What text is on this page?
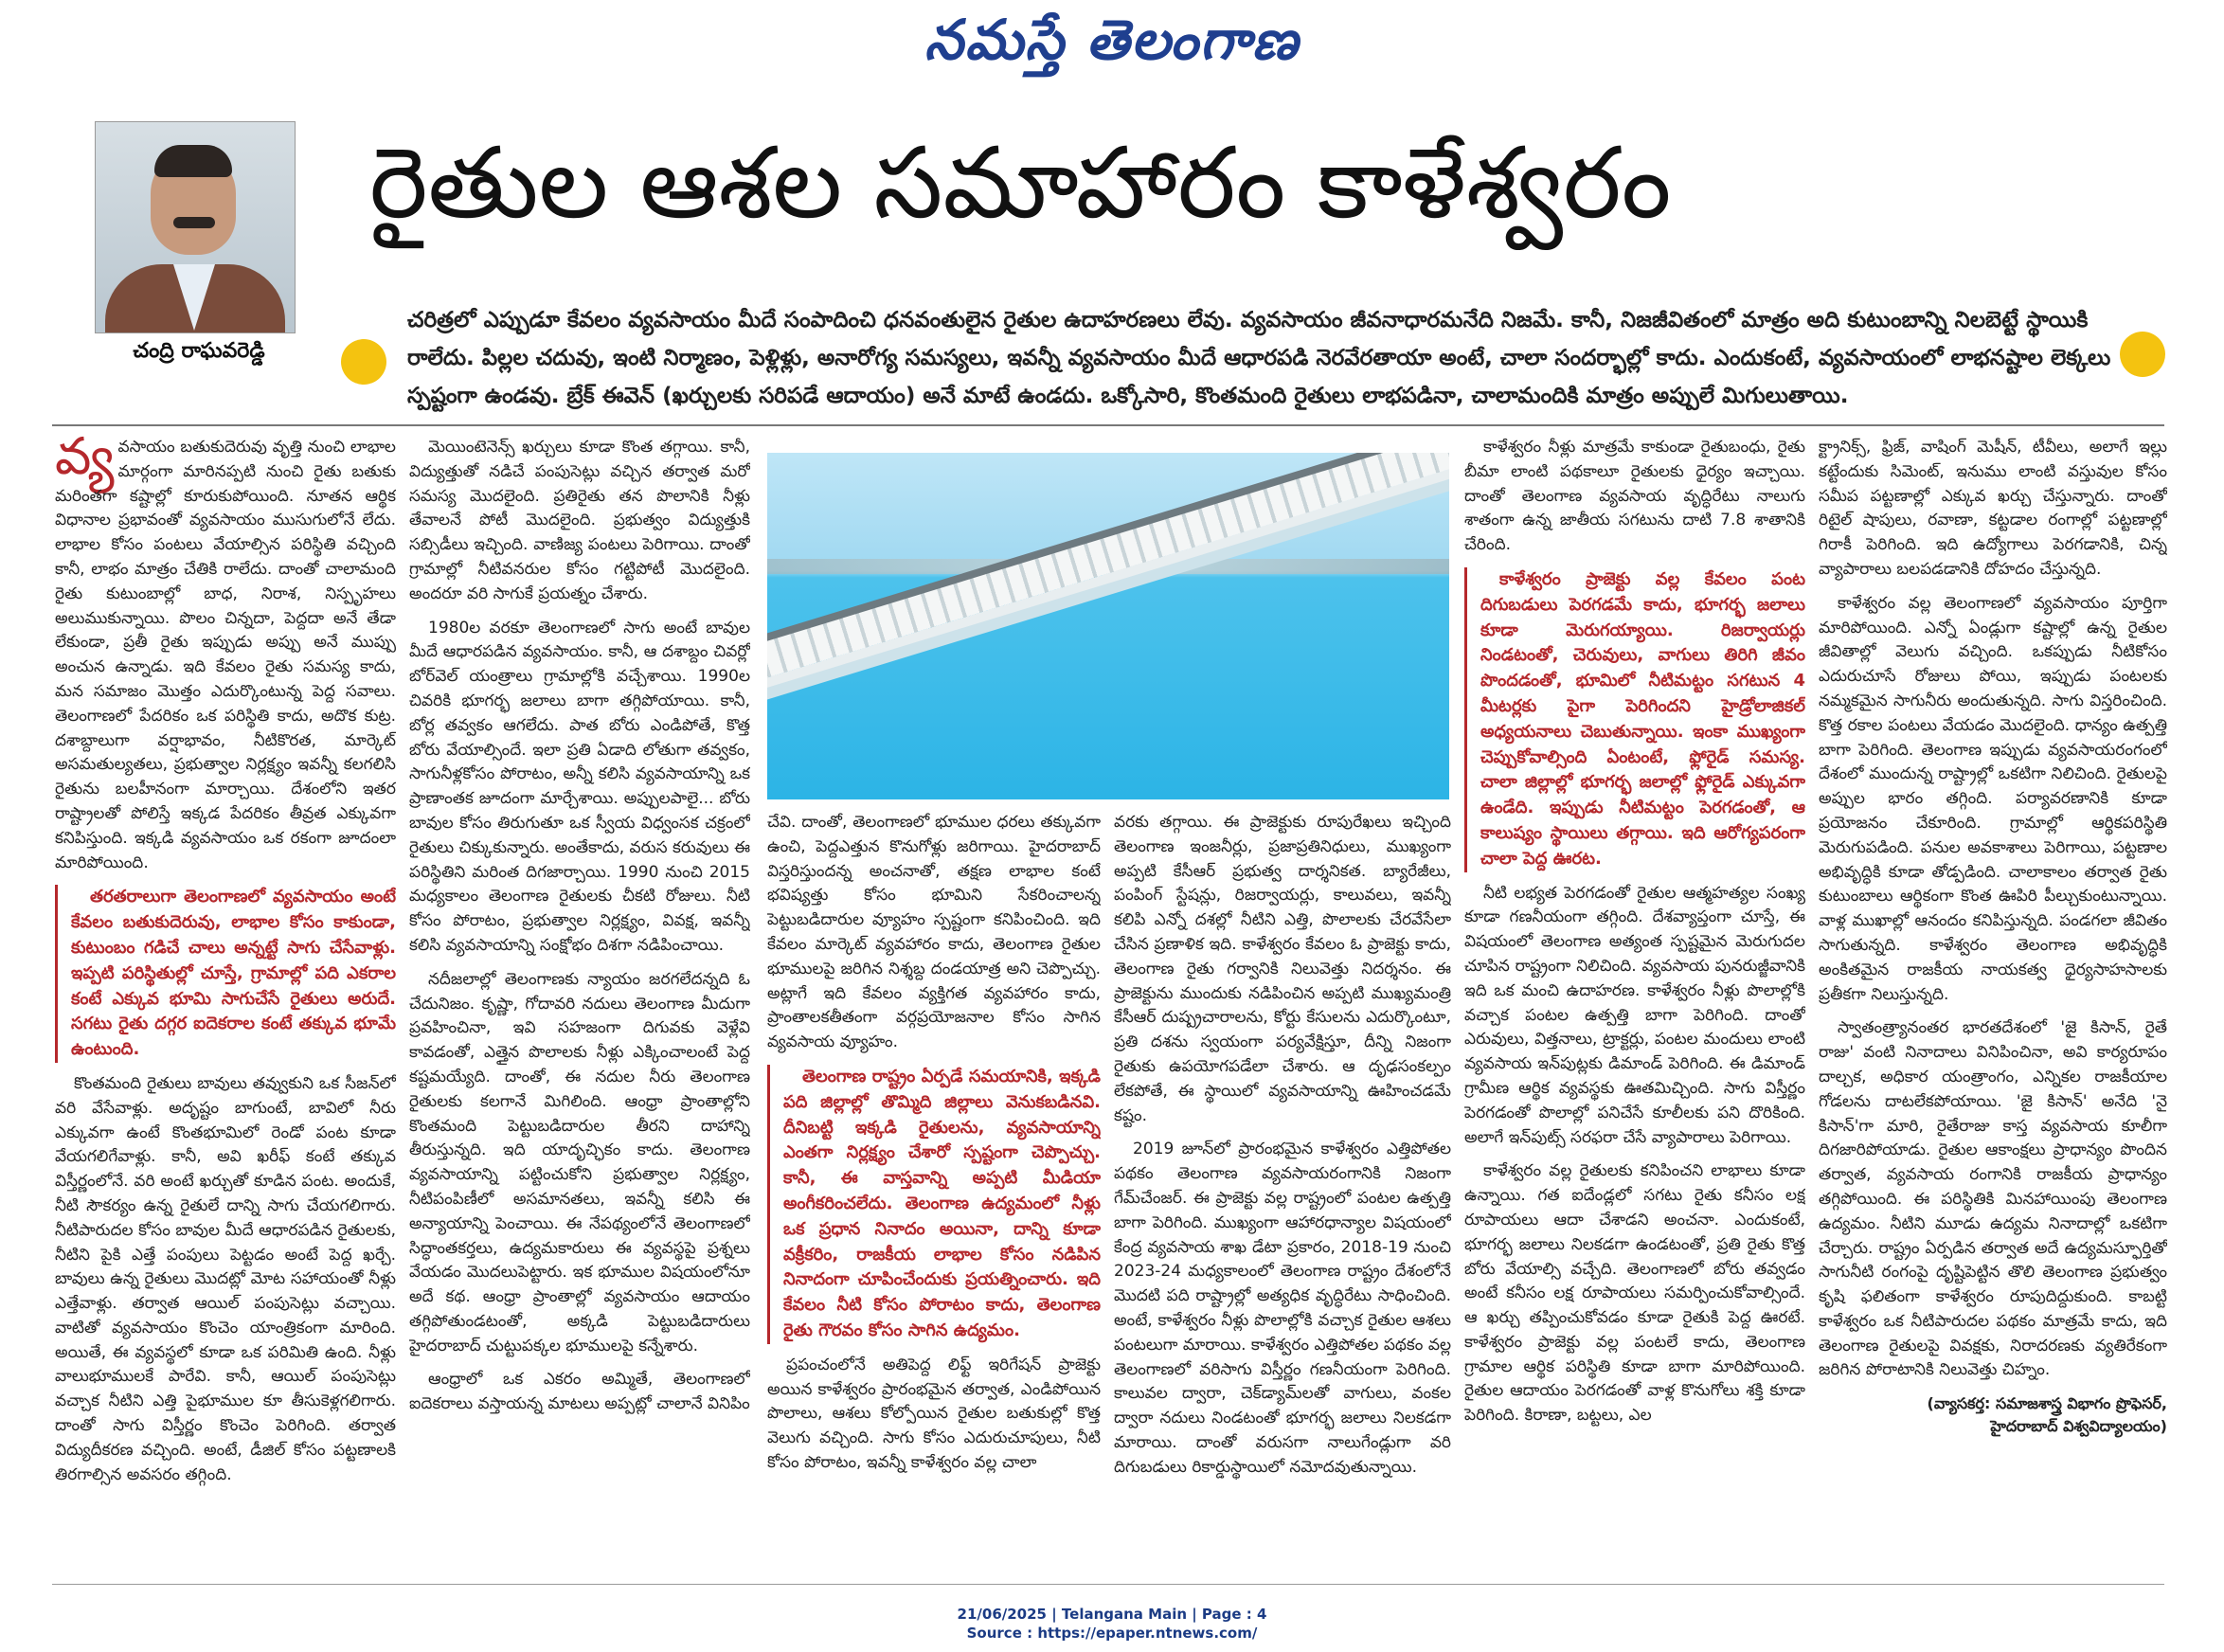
నమస్తే తెలంగాణ
చంద్రి రాఘవరెడ్డి
రైతుల ఆశల సమాహారం కాళేశ్వరం
చరిత్రలో ఎప్పుడూ కేవలం వ్యవసాయం మీదే సంపాదించి ధనవంతులైన రైతుల ఉదాహరణలు లేవు. వ్యవసాయం జీవనాధారమనేది నిజమే. కానీ, నిజజీవితంలో మాత్రం అది కుటుంబాన్ని నిలబెట్టే స్థాయికి రాలేదు. పిల్లల చదువు, ఇంటి నిర్మాణం, పెళ్లిళ్లు, అనారోగ్య సమస్యలు, ఇవన్నీ వ్యవసాయం మీదే ఆధారపడి నెరవేరతాయా అంటే, చాలా సందర్భాల్లో కాదు. ఎందుకంటే, వ్యవసాయంలో లాభనష్టాల లెక్కలు స్పష్టంగా ఉండవు. బ్రేక్ ఈవెన్ (ఖర్చులకు సరిపడే ఆదాయం) అనే మాటే ఉండదు. ఒక్కోసారి, కొంతమంది రైతులు లాభపడినా, చాలామందికి మాత్రం అప్పులే మిగులుతాయి.

వ్య వసాయం బతుకుదెరువు వృత్తి నుంచి లాభాల మార్గంగా మారినప్పటి నుంచి రైతు బతుకు మరింతగా కష్టాల్లో కూరుకుపోయింది. నూతన ఆర్థిక విధానాల ప్రభావంతో వ్యవసాయం ముసుగులోనే లేదు. లాభాల కోసం పంటలు వేయాల్సిన పరిస్థితి వచ్చింది కానీ, లాభం మాత్రం చేతికి రాలేదు. దాంతో చాలామంది రైతు కుటుంబాల్లో బాధ, నిరాశ, నిస్పృహలు అలుముకున్నాయి. పొలం చిన్నదా, పెద్దదా అనే తేడా లేకుండా, ప్రతీ రైతు ఇప్పుడు అప్పు అనే ముప్పు అంచున ఉన్నాడు. ఇది కేవలం రైతు సమస్య కాదు, మన సమాజం మొత్తం ఎదుర్కొంటున్న పెద్ద సవాలు. తెలంగాణలో పేదరికం ఒక పరిస్థితి కాదు, అదొక కుట్ర. దశాబ్దాలుగా వర్షాభావం, నీటికొరత, మార్కెట్ అసమతుల్యతలు, ప్రభుత్వాల నిర్లక్ష్యం ఇవన్నీ కలగలిసి రైతును బలహీనంగా మార్చాయి. దేశంలోని ఇతర రాష్ట్రాలతో పోలిస్తే ఇక్కడ పేదరికం తీవ్రత ఎక్కువగా కనిపిస్తుంది. ఇక్కడి వ్యవసాయం ఒక రకంగా జూదంలా మారిపోయింది.

తరతరాలుగా తెలంగాణలో వ్యవసాయం అంటే కేవలం బతుకుదెరువు, లాభాల కోసం కాకుండా, కుటుంబం గడిచే చాలు అన్నట్టే సాగు చేసేవాళ్లు. ఇప్పటి పరిస్థితుల్లో చూస్తే, గ్రామాల్లో పది ఎకరాల కంటే ఎక్కువ భూమి సాగుచేసే రైతులు అరుదే. సగటు రైతు దగ్గర ఐదెకరాల కంటే తక్కువ భూమే ఉంటుంది.

కొంతమంది రైతులు బావులు తవ్వుకుని ఒక సీజన్‌లో వరి వేసేవాళ్లు. అదృష్టం బాగుంటే, బావిలో నీరు ఎక్కువగా ఉంటే కొంతభూమిలో రెండో పంట కూడా వేయగలిగేవాళ్లు. కానీ, అవి ఖరీఫ్ కంటే తక్కువ విస్తీర్ణంలోనే. వరి అంటే ఖర్చుతో కూడిన పంట. అందుకే, నీటి సౌకర్యం ఉన్న రైతులే దాన్ని సాగు చేయగలిగారు. నీటిపారుదల కోసం బావుల మీదే ఆధారపడిన రైతులకు, నీటిని పైకి ఎత్తే పంపులు పెట్టడం అంటే పెద్ద ఖర్చే. బావులు ఉన్న రైతులు మొదట్లో మోట సహాయంతో నీళ్లు ఎత్తేవాళ్లు. తర్వాత ఆయిల్ పంపుసెట్లు వచ్చాయి. వాటితో వ్యవసాయం కొంచెం యాంత్రికంగా మారింది. అయితే, ఈ వ్యవస్థలో కూడా ఒక పరిమితి ఉంది. నీళ్లు వాలుభూములకే పారేవి. కానీ, ఆయిల్ పంపుసెట్లు వచ్చాక నీటిని ఎత్తి పైభూముల కూ తీసుకెళ్లగలిగారు. దాంతో సాగు విస్తీర్ణం కొంచెం పెరిగింది. తర్వాత విద్యుదీకరణ వచ్చింది. అంటే, డీజిల్ కోసం పట్టణాలకి తిరగాల్సిన అవసరం తగ్గింది.

మెయింటెనెన్స్ ఖర్చులు కూడా కొంత తగ్గాయి. కానీ, విద్యుత్తుతో నడిచే పంపుసెట్లు వచ్చిన తర్వాత మరో సమస్య మొదలైంది. ప్రతిరైతు తన పొలానికి నీళ్లు తేవాలనే పోటీ మొదలైంది. ప్రభుత్వం విద్యుత్తుకి సబ్సిడీలు ఇచ్చింది. వాణిజ్య పంటలు పెరిగాయి. దాంతో గ్రామాల్లో నీటివనరుల కోసం గట్టిపోటీ మొదలైంది. అందరూ వరి సాగుకే ప్రయత్నం చేశారు.

1980ల వరకూ తెలంగాణలో సాగు అంటే బావుల మీదే ఆధారపడిన వ్యవసాయం. కానీ, ఆ దశాబ్దం చివర్లో బోర్‌వెల్ యంత్రాలు గ్రామాల్లోకి వచ్చేశాయి. 1990ల చివరికి భూగర్భ జలాలు బాగా తగ్గిపోయాయి. కానీ, బోర్ల తవ్వకం ఆగలేదు. పాత బోరు ఎండిపోతే, కొత్త బోరు వేయాల్సిందే. ఇలా ప్రతి ఏడాది లోతుగా తవ్వకం, సాగునీళ్లకోసం పోరాటం, అన్నీ కలిసి వ్యవసాయాన్ని ఒక ప్రాణాంతక జూదంగా మార్చేశాయి. అప్పులపాలై... బోరు బావుల కోసం తిరుగుతూ ఒక స్వీయ విధ్వంసక చక్రంలో రైతులు చిక్కుకున్నారు. అంతేకాదు, వరుస కరువులు ఈ పరిస్థితిని మరింత దిగజార్చాయి. 1990 నుంచి 2015 మధ్యకాలం తెలంగాణ రైతులకు చీకటి రోజులు. నీటి కోసం పోరాటం, ప్రభుత్వాల నిర్లక్ష్యం, వివక్ష, ఇవన్నీ కలిసి వ్యవసాయాన్ని సంక్షోభం దిశగా నడిపించాయి.

నదీజలాల్లో తెలంగాణకు న్యాయం జరగలేదన్నది ఓ చేదునిజం. కృష్ణా, గోదావరి నదులు తెలంగాణ మీదుగా ప్రవహించినా, ఇవి సహజంగా దిగువకు వెళ్లేవి కావడంతో, ఎత్తైన పొలాలకు నీళ్లు ఎక్కించాలంటే పెద్ద కష్టమయ్యేది. దాంతో, ఈ నదుల నీరు తెలంగాణ రైతులకు కలగానే మిగిలింది. ఆంధ్రా ప్రాంతాల్లోని కొంతమంది పెట్టుబడిదారుల తీరని దాహాన్ని తీరుస్తున్నది. ఇది యాదృచ్ఛికం కాదు. తెలంగాణ వ్యవసాయాన్ని పట్టించుకోని ప్రభుత్వాల నిర్లక్ష్యం, నీటిపంపిణీలో అసమానతలు, ఇవన్నీ కలిసి ఈ అన్యాయాన్ని పెంచాయి. ఈ నేపథ్యంలోనే తెలంగాణలో సిద్ధాంతకర్తలు, ఉద్యమకారులు ఈ వ్యవస్థపై ప్రశ్నలు వేయడం మొదలుపెట్టారు. ఇక భూముల విషయంలోనూ అదే కథ. ఆంధ్రా ప్రాంతాల్లో వ్యవసాయం ఆదాయం తగ్గిపోతుండటంతో, అక్కడి పెట్టుబడిదారులు హైదరాబాద్ చుట్టుపక్కల భూములపై కన్నేశారు.

ఆంధ్రాలో ఒక ఎకరం అమ్మితే, తెలంగాణలో ఐదెకరాలు వస్తాయన్న మాటలు అప్పట్లో చాలానే వినిపిం

చేవి. దాంతో, తెలంగాణలో భూముల ధరలు తక్కువగా ఉంచి, పెద్దఎత్తున కొనుగోళ్లు జరిగాయి. హైదరాబాద్ విస్తరిస్తుందన్న అంచనాతో, తక్షణ లాభాల కంటే భవిష్యత్తు కోసం భూమిని సేకరించాలన్న పెట్టుబడిదారుల వ్యూహం స్పష్టంగా కనిపించింది. ఇది కేవలం మార్కెట్ వ్యవహారం కాదు, తెలంగాణ రైతుల భూములపై జరిగిన నిశ్శబ్ద దండయాత్ర అని చెప్పొచ్చు. అట్లాగే ఇది కేవలం వ్యక్తిగత వ్యవహారం కాదు, ప్రాంతాలకతీతంగా వర్గప్రయోజనాల కోసం సాగిన వ్యవసాయ వ్యూహం.

తెలంగాణ రాష్ట్రం ఏర్పడే సమయానికి, ఇక్కడి పది జిల్లాల్లో తొమ్మిది జిల్లాలు వెనుకబడినవి. దీనిబట్టి ఇక్కడి రైతులను, వ్యవసాయాన్ని ఎంతగా నిర్లక్ష్యం చేశారో స్పష్టంగా చెప్పొచ్చు. కానీ, ఈ వాస్తవాన్ని అప్పటి మీడియా అంగీకరించలేదు. తెలంగాణ ఉద్యమంలో నీళ్లు ఒక ప్రధాన నినాదం అయినా, దాన్ని కూడా వక్రీకరిం, రాజకీయ లాభాల కోసం నడిపిన నినాదంగా చూపించేందుకు ప్రయత్నించారు. ఇది కేవలం నీటి కోసం పోరాటం కాదు, తెలంగాణ రైతు గౌరవం కోసం సాగిన ఉద్యమం.

ప్రపంచంలోనే అతిపెద్ద లిఫ్ట్ ఇరిగేషన్ ప్రాజెక్టు అయిన కాళేశ్వరం ప్రారంభమైన తర్వాత, ఎండిపోయిన పొలాలు, ఆశలు కోల్పోయిన రైతుల బతుకుల్లో కొత్త వెలుగు వచ్చింది. సాగు కోసం ఎదురుచూపులు, నీటి కోసం పోరాటం, ఇవన్నీ కాళేశ్వరం వల్ల చాలా

వరకు తగ్గాయి. ఈ ప్రాజెక్టుకు రూపురేఖలు ఇచ్చింది తెలంగాణ ఇంజనీర్లు, ప్రజాప్రతినిధులు, ముఖ్యంగా అప్పటి కేసీఆర్ ప్రభుత్వ దార్శనికత. బ్యారేజీలు, పంపింగ్ స్టేషన్లు, రిజర్వాయర్లు, కాలువలు, ఇవన్నీ కలిపి ఎన్నో దశల్లో నీటిని ఎత్తి, పొలాలకు చేరవేసేలా చేసిన ప్రణాళిక ఇది. కాళేశ్వరం కేవలం ఓ ప్రాజెక్టు కాదు, తెలంగాణ రైతు గర్వానికి నిలువెత్తు నిదర్శనం. ఈ ప్రాజెక్టును ముందుకు నడిపించిన అప్పటి ముఖ్యమంత్రి కేసీఆర్ దుష్ప్రచారాలను, కోర్టు కేసులను ఎదుర్కొంటూ, ప్రతి దశను స్వయంగా పర్యవేక్షిస్తూ, దీన్ని నిజంగా రైతుకు ఉపయోగపడేలా చేశారు. ఆ దృఢసంకల్పం లేకపోతే, ఈ స్థాయిలో వ్యవసాయాన్ని ఊహించడమే కష్టం.

2019 జూన్‌లో ప్రారంభమైన కాళేశ్వరం ఎత్తిపోతల పథకం తెలంగాణ వ్యవసాయరంగానికి నిజంగా గేమ్‌చేంజర్. ఈ ప్రాజెక్టు వల్ల రాష్ట్రంలో పంటల ఉత్పత్తి బాగా పెరిగింది. ముఖ్యంగా ఆహారధాన్యాల విషయంలో కేంద్ర వ్యవసాయ శాఖ డేటా ప్రకారం, 2018-19 నుంచి 2023-24 మధ్యకాలంలో తెలంగాణ రాష్ట్రం దేశంలోనే మొదటి పది రాష్ట్రాల్లో అత్యధిక వృద్ధిరేటు సాధించింది. అంటే, కాళేశ్వరం నీళ్లు పొలాల్లోకి వచ్చాక రైతుల ఆశలు పంటలుగా మారాయి. కాళేశ్వరం ఎత్తిపోతల పథకం వల్ల తెలంగాణలో వరిసాగు విస్తీర్ణం గణనీయంగా పెరిగింది. కాలువల ద్వారా, చెక్‌డ్యామ్‌లతో వాగులు, వంకల ద్వారా నదులు నిండటంతో భూగర్భ జలాలు నిలకడగా మారాయి. దాంతో వరుసగా నాలుగేండ్లుగా వరి దిగుబడులు రికార్డుస్థాయిలో నమోదవుతున్నాయి.

కాళేశ్వరం నీళ్లు మాత్రమే కాకుండా రైతుబంధు, రైతు బీమా లాంటి పథకాలూ రైతులకు ధైర్యం ఇచ్చాయి. దాంతో తెలంగాణ వ్యవసాయ వృద్ధిరేటు నాలుగు శాతంగా ఉన్న జాతీయ సగటును దాటి 7.8 శాతానికి చేరింది.

కాళేశ్వరం ప్రాజెక్టు వల్ల కేవలం పంట దిగుబడులు పెరగడమే కాదు, భూగర్భ జలాలు కూడా మెరుగయ్యాయి. రిజర్వాయర్లు నిండటంతో, చెరువులు, వాగులు తిరిగి జీవం పొందడంతో, భూమిలో నీటిమట్టం సగటున 4 మీటర్లకు పైగా పెరిగిందని హైడ్రోలాజికల్ అధ్యయనాలు చెబుతున్నాయి. ఇంకా ముఖ్యంగా చెప్పుకోవాల్సింది ఏంటంటే, ఫ్లోరైడ్ సమస్య. చాలా జిల్లాల్లో భూగర్భ జలాల్లో ఫ్లోరైడ్ ఎక్కువగా ఉండేది. ఇప్పుడు నీటిమట్టం పెరగడంతో, ఆ కాలుష్యం స్థాయిలు తగ్గాయి. ఇది ఆరోగ్యపరంగా చాలా పెద్ద ఊరట.

నీటి లభ్యత పెరగడంతో రైతుల ఆత్మహత్యల సంఖ్య కూడా గణనీయంగా తగ్గింది. దేశవ్యాప్తంగా చూస్తే, ఈ విషయంలో తెలంగాణ అత్యంత స్పష్టమైన మెరుగుదల చూపిన రాష్ట్రంగా నిలిచింది. వ్యవసాయ పునరుజ్జీవానికి ఇది ఒక మంచి ఉదాహరణ. కాళేశ్వరం నీళ్లు పొలాల్లోకి వచ్చాక పంటల ఉత్పత్తి బాగా పెరిగింది. దాంతో ఎరువులు, విత్తనాలు, ట్రాక్టర్లు, పంటల మందులు లాంటి వ్యవసాయ ఇన్‌పుట్లకు డిమాండ్ పెరిగింది. ఈ డిమాండ్ గ్రామీణ ఆర్థిక వ్యవస్థకు ఊతమిచ్చింది. సాగు విస్తీర్ణం పెరగడంతో పొలాల్లో పనిచేసే కూలీలకు పని దొరికింది. అలాగే ఇన్‌పుట్స్ సరఫరా చేసే వ్యాపారాలు పెరిగాయి.

కాళేశ్వరం వల్ల రైతులకు కనిపించని లాభాలు కూడా ఉన్నాయి. గత ఐదేండ్లలో సగటు రైతు కనీసం లక్ష రూపాయలు ఆదా చేశాడని అంచనా. ఎందుకంటే, భూగర్భ జలాలు నిలకడగా ఉండటంతో, ప్రతి రైతు కొత్త బోరు వేయాల్సి వచ్చేది. తెలంగాణలో బోరు తవ్వడం అంటే కనీసం లక్ష రూపాయలు సమర్పించుకోవాల్సిందే. ఆ ఖర్చు తప్పించుకోవడం కూడా రైతుకి పెద్ద ఊరటే. కాళేశ్వరం ప్రాజెక్టు వల్ల పంటలే కాదు, తెలంగాణ గ్రామాల ఆర్థిక పరిస్థితి కూడా బాగా మారిపోయింది. రైతుల ఆదాయం పెరగడంతో వాళ్ల కొనుగోలు శక్తి కూడా పెరిగింది. కిరాణా, బట్టలు, ఎల

క్ట్రానిక్స్, ఫ్రిజ్, వాషింగ్ మెషీన్, టీవీలు, అలాగే ఇల్లు కట్టేందుకు సిమెంట్, ఇనుము లాంటి వస్తువుల కోసం సమీప పట్టణాల్లో ఎక్కువ ఖర్చు చేస్తున్నారు. దాంతో రిటైల్ షాపులు, రవాణా, కట్టడాల రంగాల్లో పట్టణాల్లో గిరాకీ పెరిగింది. ఇది ఉద్యోగాలు పెరగడానికి, చిన్న వ్యాపారాలు బలపడడానికి దోహదం చేస్తున్నది.

కాళేశ్వరం వల్ల తెలంగాణలో వ్యవసాయం పూర్తిగా మారిపోయింది. ఎన్నో ఏండ్లుగా కష్టాల్లో ఉన్న రైతుల జీవితాల్లో వెలుగు వచ్చింది. ఒకప్పుడు నీటికోసం ఎదురుచూసే రోజులు పోయి, ఇప్పుడు పంటలకు నమ్మకమైన సాగునీరు అందుతున్నది. సాగు విస్తరించింది. కొత్త రకాల పంటలు వేయడం మొదలైంది. ధాన్యం ఉత్పత్తి బాగా పెరిగింది. తెలంగాణ ఇప్పుడు వ్యవసాయరంగంలో దేశంలో ముందున్న రాష్ట్రాల్లో ఒకటిగా నిలిచింది. రైతులపై అప్పుల భారం తగ్గింది. పర్యావరణానికి కూడా ప్రయోజనం చేకూరింది. గ్రామాల్లో ఆర్థికపరిస్థితి మెరుగుపడింది. పనుల అవకాశాలు పెరిగాయి, పట్టణాల అభివృద్ధికి కూడా తోడ్పడింది. చాలాకాలం తర్వాత రైతు కుటుంబాలు ఆర్థికంగా కొంత ఊపిరి పీల్చుకుంటున్నాయి. వాళ్ల ముఖాల్లో ఆనందం కనిపిస్తున్నది. పండగలా జీవితం సాగుతున్నది. కాళేశ్వరం తెలంగాణ అభివృద్ధికి అంకితమైన రాజకీయ నాయకత్వ ధైర్యసాహసాలకు ప్రతీకగా నిలుస్తున్నది.

స్వాతంత్ర్యానంతర భారతదేశంలో 'జై కిసాన్, రైతే రాజు' వంటి నినాదాలు వినిపించినా, అవి కార్యరూపం దాల్చక, అధికార యంత్రాంగం, ఎన్నికల రాజకీయాల గోడలను దాటలేకపోయాయి. 'జై కిసాన్' అనేది 'నై కిసాన్'గా మారి, రైతేరాజు కాస్త వ్యవసాయ కూలీగా దిగజారిపోయాడు. రైతుల ఆకాంక్షలు ప్రాధాన్యం పొందిన తర్వాత, వ్యవసాయ రంగానికి రాజకీయ ప్రాధాన్యం తగ్గిపోయింది. ఈ పరిస్థితికి మినహాయింపు తెలంగాణ ఉద్యమం. నీటిని మూడు ఉద్యమ నినాదాల్లో ఒకటిగా చేర్చారు. రాష్ట్రం ఏర్పడిన తర్వాత అదే ఉద్యమస్ఫూర్తితో సాగునీటి రంగంపై దృష్టిపెట్టిన తొలి తెలంగాణ ప్రభుత్వం కృషి ఫలితంగా కాళేశ్వరం రూపుదిద్దుకుంది. కాబట్టి కాళేశ్వరం ఒక నీటిపారుదల పథకం మాత్రమే కాదు, ఇది తెలంగాణ రైతులపై వివక్షకు, నిరాదరణకు వ్యతిరేకంగా జరిగిన పోరాటానికి నిలువెత్తు చిహ్నం.

(వ్యాసకర్త: సమాజశాస్త్ర విభాగం ప్రొఫెసర్,
హైదరాబాద్ విశ్వవిద్యాలయం)
21/06/2025 | Telangana Main | Page : 4
Source : https://epaper.ntnews.com/
